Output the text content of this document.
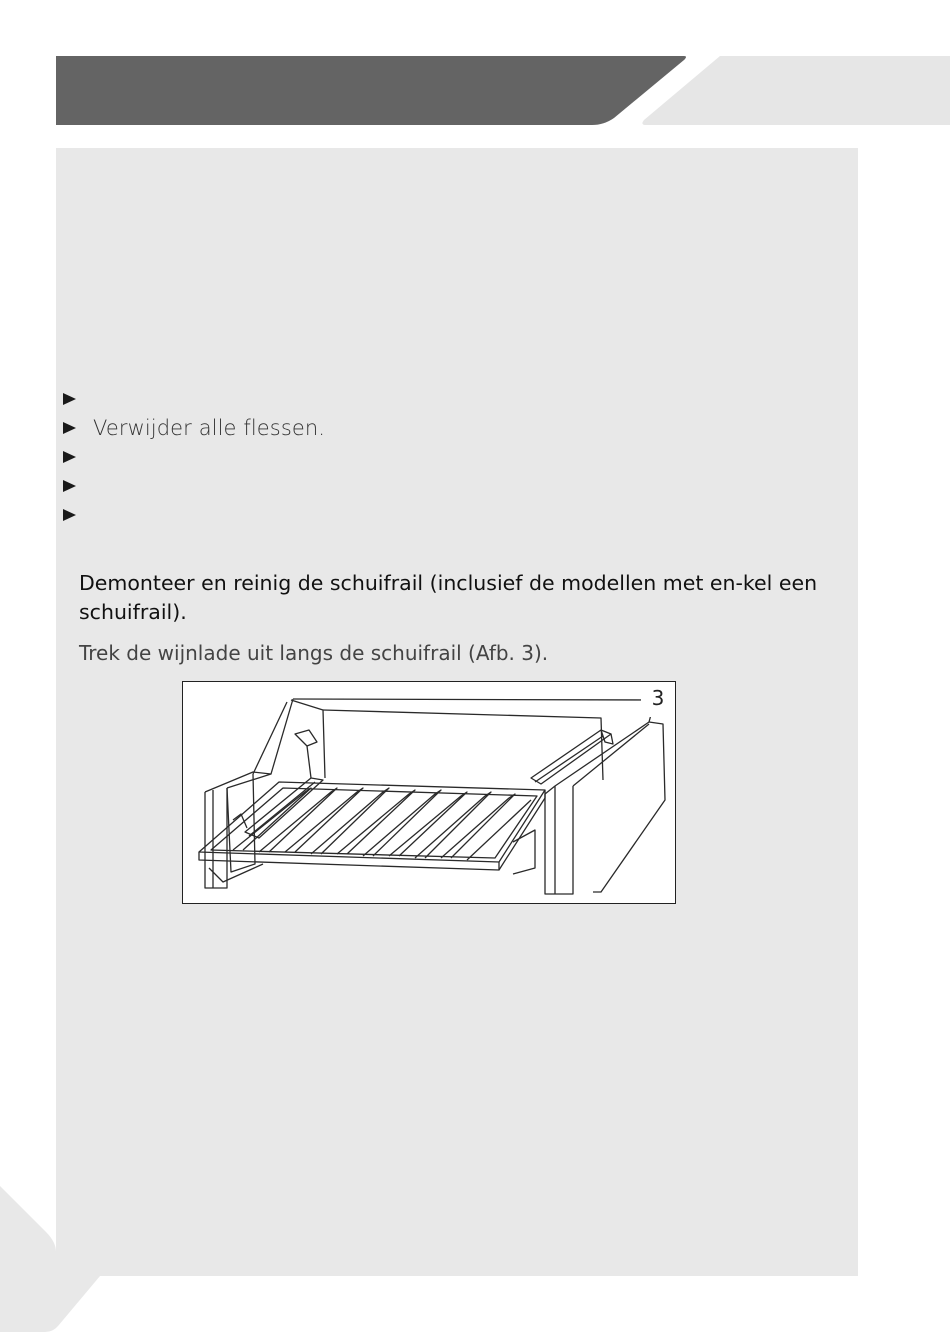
Verwijder alle flessen.
Demonteer en reinig de schuifrail (inclusief de modellen met en-kel een schuifrail).

Trek de wijnlade uit langs de schuifrail (Afb. 3).

3
